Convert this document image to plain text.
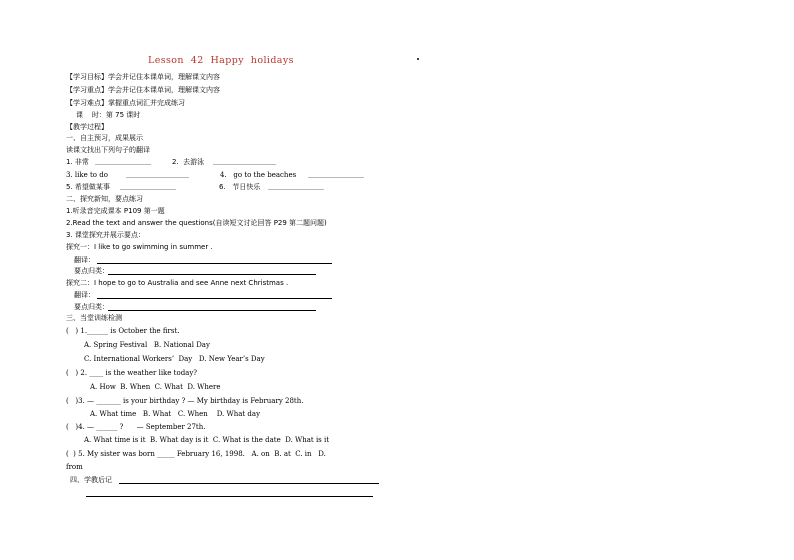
Lesson  42  Happy  holidays
【学习目标】学会并记住本课单词，理解课文内容
【学习重点】学会并记住本课单词，理解课文内容
【学习难点】掌握重点词汇并完成练习
课    时：第 75 课时
【教学过程】
一、自主预习，成果展示
读课文找出下列句子的翻译
1. 非常 ________________	2.  去游泳 __________________
3. like to do	__________________	4.   go to the beaches ________________
5. 希望做某事 ________________	6.   节日快乐 ________________
二、探究新知，要点练习
1.听录音完成课本 P109 第一题
2.Read the text and answer the questions(自读短文讨论回答 P29 第二题问题)
3. 课堂探究并展示要点：
探究一：I like to go swimming in summer .
翻译：
要点归类：
探究二：I hope to go to Australia and see Anne next Christmas .
翻译：
要点归类：
三、当堂训练检测
(   ) 1.______ is October the first.
A. Spring Festival   B. National Day
C. International Workers’  Day   D. New Year’s Day
(   ) 2. ____ is the weather like today?
A. How  B. When  C. What  D. Where
(   )3. — _______ is your birthday ? — My birthday is February 28th.
A. What time   B. What   C. When    D. What day
(   )4. — ______ ?      — September 27th.
A. What time is it  B. What day is it  C. What is the date  D. What is it
(  ) 5. My sister was born _____ February 16, 1998.   A. on  B. at  C. in   D.
from
四、学教后记
